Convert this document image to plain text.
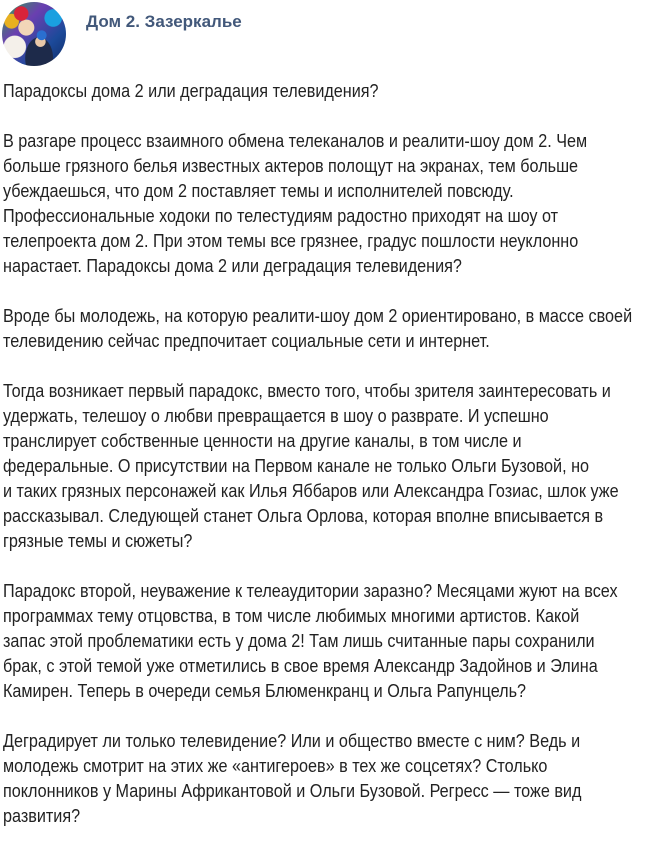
Дом 2. Зазеркалье
Парадоксы дома 2 или деградация телевидения?
В разгаре процесс взаимного обмена телеканалов и реалити-шоу дом 2. Чем
больше грязного белья известных актеров полощут на экранах, тем больше
убеждаешься, что дом 2 поставляет темы и исполнителей повсюду.
Профессиональные ходоки по телестудиям радостно приходят на шоу от
телепроекта дом 2. При этом темы все грязнее, градус пошлости неуклонно
нарастает. Парадоксы дома 2 или деградация телевидения?
Вроде бы молодежь, на которую реалити-шоу дом 2 ориентировано, в массе своей
телевидению сейчас предпочитает социальные сети и интернет.
Тогда возникает первый парадокс, вместо того, чтобы зрителя заинтересовать и
удержать, телешоу о любви превращается в шоу о разврате. И успешно
транслирует собственные ценности на другие каналы, в том числе и
федеральные. О присутствии на Первом канале не только Ольги Бузовой, но
и таких грязных персонажей как Илья Яббаров или Александра Гозиас, шлок уже
рассказывал. Следующей станет Ольга Орлова, которая вполне вписывается в
грязные темы и сюжеты?
Парадокс второй, неуважение к телеаудитории заразно? Месяцами жуют на всех
программах тему отцовства, в том числе любимых многими артистов. Какой
запас этой проблематики есть у дома 2! Там лишь считанные пары сохранили
брак, с этой темой уже отметились в свое время Александр Задойнов и Элина
Камирен. Теперь в очереди семья Блюменкранц и Ольга Рапунцель?
Деградирует ли только телевидение? Или и общество вместе с ним? Ведь и
молодежь смотрит на этих же «антигероев» в тех же соцсетях? Столько
поклонников у Марины Африкантовой и Ольги Бузовой. Регресс — тоже вид
развития?
